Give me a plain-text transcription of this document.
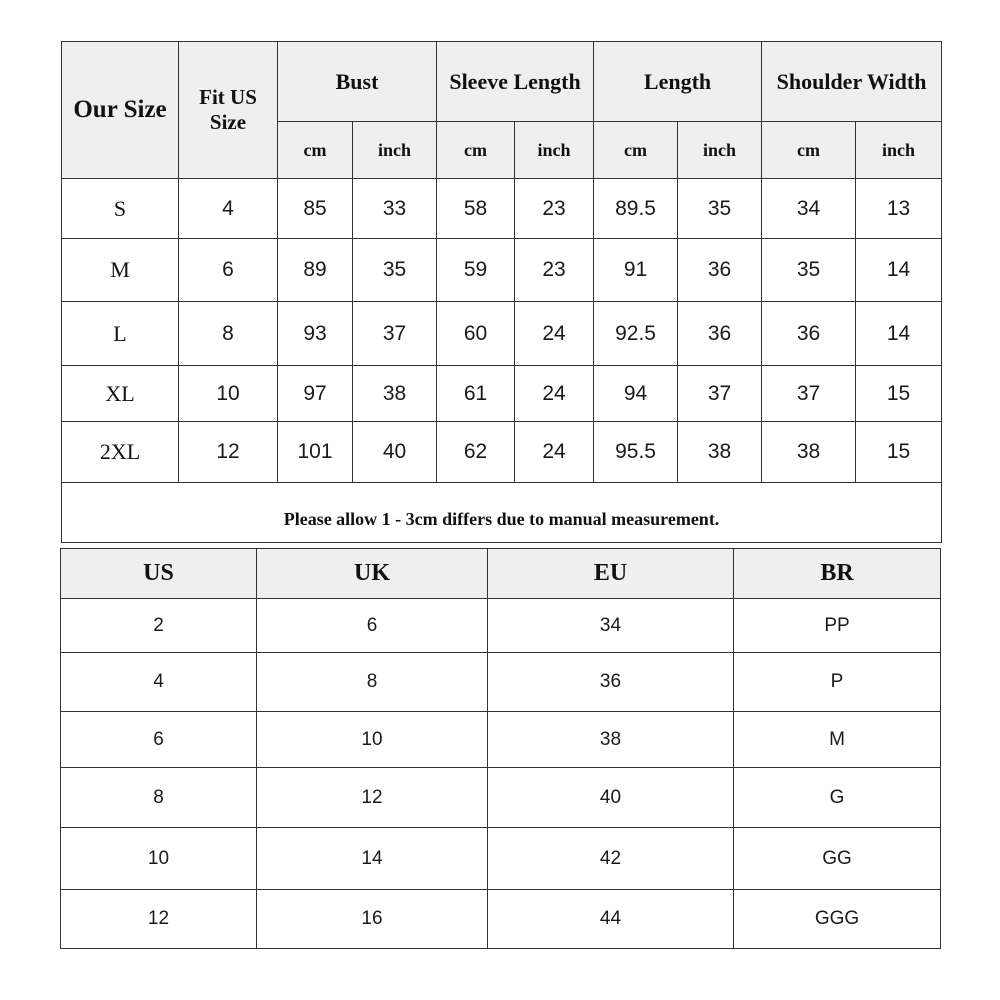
Our Size	Fit US Size	Bust		Sleeve Length		Length		Shoulder Width	
		cm	inch	cm	inch	cm	inch	cm	inch
S	4	85	33	58	23	89.5	35	34	13
M	6	89	35	59	23	91	36	35	14
L	8	93	37	60	24	92.5	36	36	14
XL	10	97	38	61	24	94	37	37	15
2XL	12	101	40	62	24	95.5	38	38	15
Please allow 1 - 3cm differs due to manual measurement.									
US	UK	EU	BR
2	6	34	PP
4	8	36	P
6	10	38	M
8	12	40	G
10	14	42	GG
12	16	44	GGG
